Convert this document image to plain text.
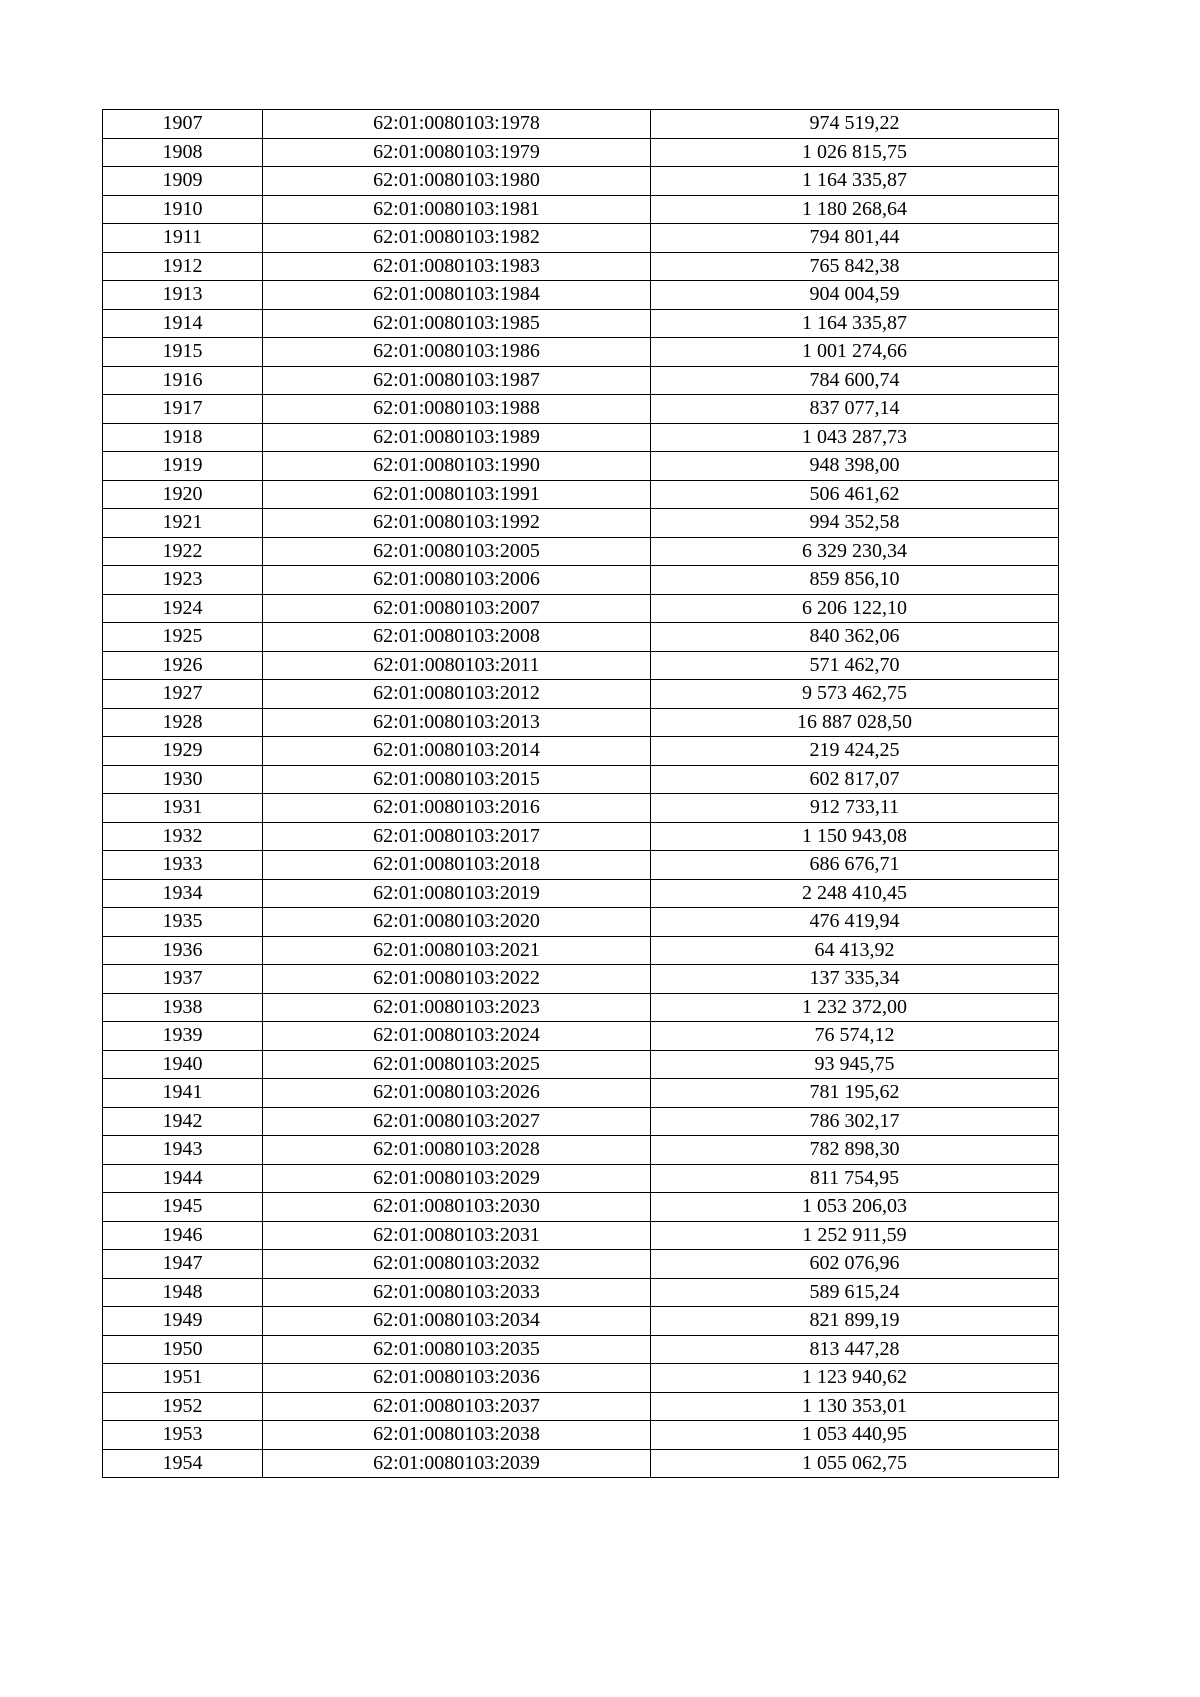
1907	62:01:0080103:1978	974 519,22
1908	62:01:0080103:1979	1 026 815,75
1909	62:01:0080103:1980	1 164 335,87
1910	62:01:0080103:1981	1 180 268,64
1911	62:01:0080103:1982	794 801,44
1912	62:01:0080103:1983	765 842,38
1913	62:01:0080103:1984	904 004,59
1914	62:01:0080103:1985	1 164 335,87
1915	62:01:0080103:1986	1 001 274,66
1916	62:01:0080103:1987	784 600,74
1917	62:01:0080103:1988	837 077,14
1918	62:01:0080103:1989	1 043 287,73
1919	62:01:0080103:1990	948 398,00
1920	62:01:0080103:1991	506 461,62
1921	62:01:0080103:1992	994 352,58
1922	62:01:0080103:2005	6 329 230,34
1923	62:01:0080103:2006	859 856,10
1924	62:01:0080103:2007	6 206 122,10
1925	62:01:0080103:2008	840 362,06
1926	62:01:0080103:2011	571 462,70
1927	62:01:0080103:2012	9 573 462,75
1928	62:01:0080103:2013	16 887 028,50
1929	62:01:0080103:2014	219 424,25
1930	62:01:0080103:2015	602 817,07
1931	62:01:0080103:2016	912 733,11
1932	62:01:0080103:2017	1 150 943,08
1933	62:01:0080103:2018	686 676,71
1934	62:01:0080103:2019	2 248 410,45
1935	62:01:0080103:2020	476 419,94
1936	62:01:0080103:2021	64 413,92
1937	62:01:0080103:2022	137 335,34
1938	62:01:0080103:2023	1 232 372,00
1939	62:01:0080103:2024	76 574,12
1940	62:01:0080103:2025	93 945,75
1941	62:01:0080103:2026	781 195,62
1942	62:01:0080103:2027	786 302,17
1943	62:01:0080103:2028	782 898,30
1944	62:01:0080103:2029	811 754,95
1945	62:01:0080103:2030	1 053 206,03
1946	62:01:0080103:2031	1 252 911,59
1947	62:01:0080103:2032	602 076,96
1948	62:01:0080103:2033	589 615,24
1949	62:01:0080103:2034	821 899,19
1950	62:01:0080103:2035	813 447,28
1951	62:01:0080103:2036	1 123 940,62
1952	62:01:0080103:2037	1 130 353,01
1953	62:01:0080103:2038	1 053 440,95
1954	62:01:0080103:2039	1 055 062,75
